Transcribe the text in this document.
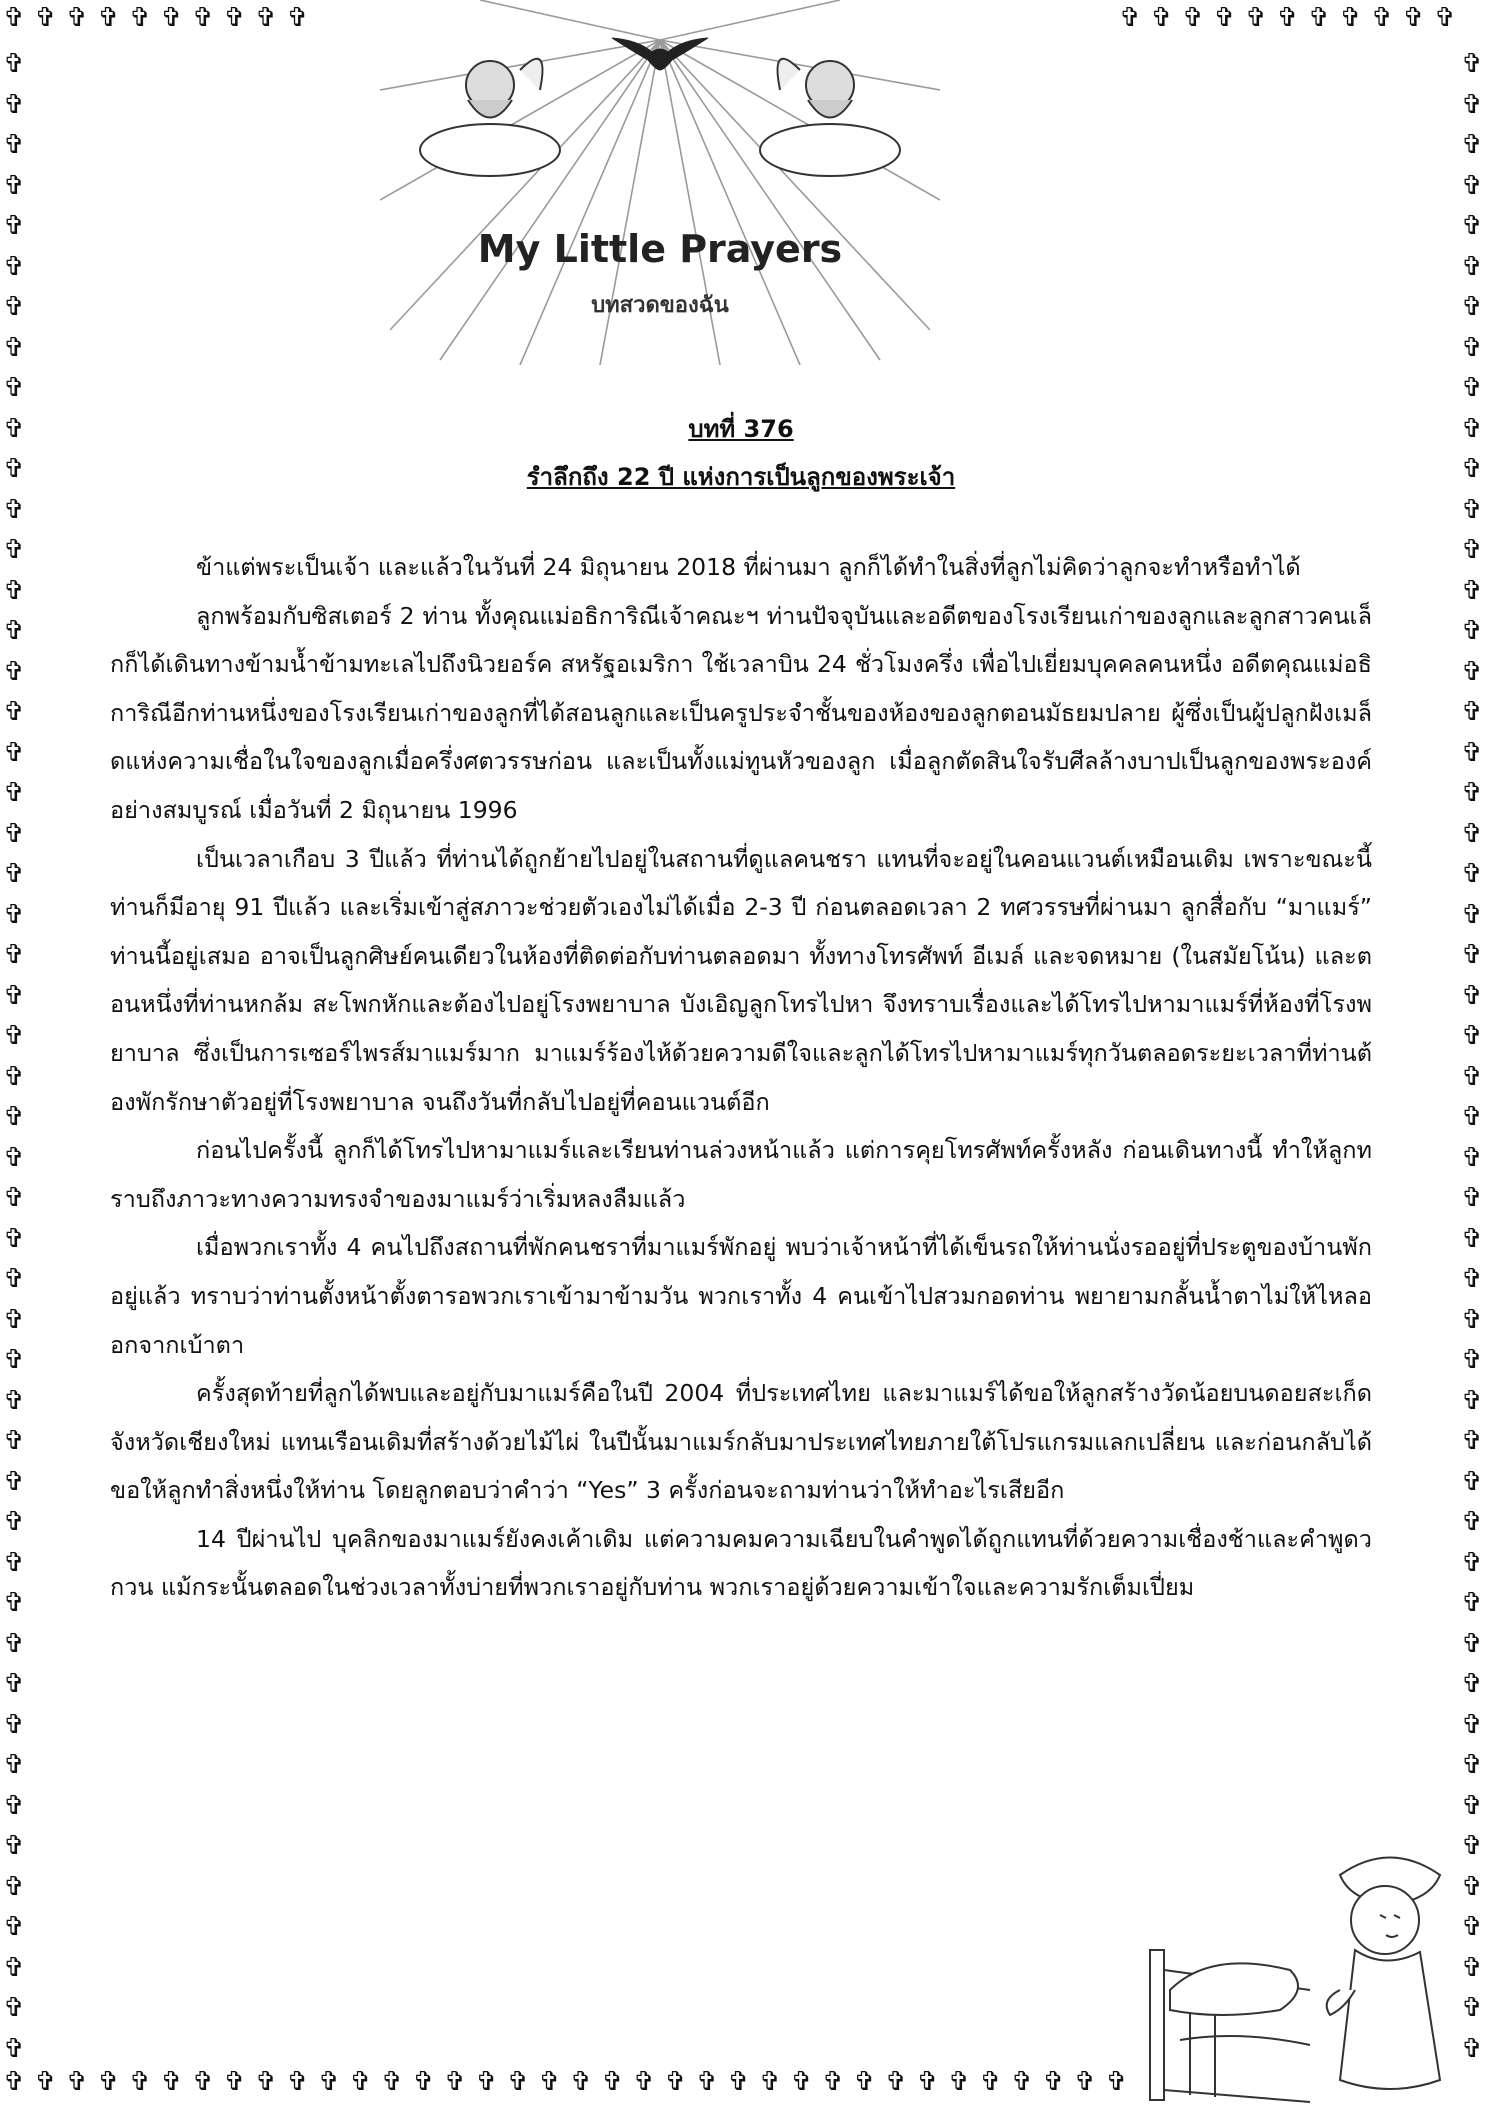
✞ ✞ ✞ ✞ ✞ ✞ ✞ ✞ ✞ ✞	✞ ✞ ✞ ✞ ✞ ✞ ✞ ✞ ✞ ✞ ✞
✞ ✞ ✞ ✞ ✞ ✞ ✞ ✞ ✞ ✞ ✞ ✞ ✞ ✞ ✞ ✞ ✞ ✞ ✞ ✞ ✞ ✞ ✞ ✞ ✞ ✞ ✞ ✞ ✞ ✞ ✞ ✞ ✞ ✞ ✞ ✞
✞	✞
✞	✞
✞	✞
✞	✞
✞	✞
✞	✞
✞	✞
✞	✞
✞	✞
✞	✞
✞	✞
✞	✞
✞	✞
✞	✞
✞	✞
✞	✞
✞	✞
✞	✞
✞	✞
✞	✞
✞	✞
✞	✞
✞	✞
✞	✞
✞	✞
✞	✞
✞	✞
✞	✞
✞	✞
✞	✞
✞	✞
✞	✞
✞	✞
✞	✞
✞	✞
✞	✞
✞	✞
✞	✞
✞	✞
✞	✞
✞	✞
✞	✞
✞	✞
✞	✞
✞	✞
✞	✞
✞	✞
✞	✞
✞	✞
✞	✞
My Little Prayers
บทสวดของฉัน

บทที่ 376

รำลึกถึง 22 ปี แห่งการเป็นลูกของพระเจ้า

ข้าแต่พระเป็นเจ้า และแล้วในวันที่ 24 มิถุนายน 2018 ที่ผ่านมา ลูกก็ได้ทำในสิ่งที่ลูกไม่คิดว่าลูกจะทำหรือทำได้

ลูกพร้อมกับซิสเตอร์ 2 ท่าน ทั้งคุณแม่อธิการิณีเจ้าคณะฯ ท่านปัจจุบันและอดีตของโรงเรียนเก่าของลูกและลูกสาวคนเล็กก็ได้เดินทางข้ามน้ำข้ามทะเลไปถึงนิวยอร์ค สหรัฐอเมริกา ใช้เวลาบิน 24 ชั่วโมงครึ่ง เพื่อไปเยี่ยมบุคคลคนหนึ่ง อดีตคุณแม่อธิการิณีอีกท่านหนึ่งของโรงเรียนเก่าของลูกที่ได้สอนลูกและเป็นครูประจำชั้นของห้องของลูกตอนมัธยมปลาย ผู้ซึ่งเป็นผู้ปลูกฝังเมล็ดแห่งความเชื่อในใจของลูกเมื่อครึ่งศตวรรษก่อน และเป็นทั้งแม่ทูนหัวของลูก เมื่อลูกตัดสินใจรับศีลล้างบาปเป็นลูกของพระองค์อย่างสมบูรณ์ เมื่อวันที่ 2 มิถุนายน 1996

เป็นเวลาเกือบ 3 ปีแล้ว ที่ท่านได้ถูกย้ายไปอยู่ในสถานที่ดูแลคนชรา แทนที่จะอยู่ในคอนแวนต์เหมือนเดิม เพราะขณะนี้ท่านก็มีอายุ 91 ปีแล้ว และเริ่มเข้าสู่สภาวะช่วยตัวเองไม่ได้เมื่อ 2-3 ปี ก่อนตลอดเวลา 2 ทศวรรษที่ผ่านมา ลูกสื่อกับ “มาแมร์” ท่านนี้อยู่เสมอ อาจเป็นลูกศิษย์คนเดียวในห้องที่ติดต่อกับท่านตลอดมา ทั้งทางโทรศัพท์ อีเมล์ และจดหมาย (ในสมัยโน้น) และตอนหนึ่งที่ท่านหกล้ม สะโพกหักและต้องไปอยู่โรงพยาบาล บังเอิญลูกโทรไปหา จึงทราบเรื่องและได้โทรไปหามาแมร์ที่ห้องที่โรงพยาบาล ซึ่งเป็นการเซอร์ไพรส์มาแมร์มาก มาแมร์ร้องไห้ด้วยความดีใจและลูกได้โทรไปหามาแมร์ทุกวันตลอดระยะเวลาที่ท่านต้องพักรักษาตัวอยู่ที่โรงพยาบาล จนถึงวันที่กลับไปอยู่ที่คอนแวนต์อีก

ก่อนไปครั้งนี้ ลูกก็ได้โทรไปหามาแมร์และเรียนท่านล่วงหน้าแล้ว แต่การคุยโทรศัพท์ครั้งหลัง ก่อนเดินทางนี้ ทำให้ลูกทราบถึงภาวะทางความทรงจำของมาแมร์ว่าเริ่มหลงลืมแล้ว

เมื่อพวกเราทั้ง 4 คนไปถึงสถานที่พักคนชราที่มาแมร์พักอยู่ พบว่าเจ้าหน้าที่ได้เข็นรถให้ท่านนั่งรออยู่ที่ประตูของบ้านพักอยู่แล้ว ทราบว่าท่านตั้งหน้าตั้งตารอพวกเราเข้ามาข้ามวัน พวกเราทั้ง 4 คนเข้าไปสวมกอดท่าน พยายามกลั้นน้ำตาไม่ให้ไหลออกจากเบ้าตา

ครั้งสุดท้ายที่ลูกได้พบและอยู่กับมาแมร์คือในปี 2004 ที่ประเทศไทย และมาแมร์ได้ขอให้ลูกสร้างวัดน้อยบนดอยสะเก็ด จังหวัดเชียงใหม่ แทนเรือนเดิมที่สร้างด้วยไม้ไผ่ ในปีนั้นมาแมร์กลับมาประเทศไทยภายใต้โปรแกรมแลกเปลี่ยน และก่อนกลับได้ขอให้ลูกทำสิ่งหนึ่งให้ท่าน โดยลูกตอบว่าคำว่า “Yes” 3 ครั้งก่อนจะถามท่านว่าให้ทำอะไรเสียอีก

14 ปีผ่านไป บุคลิกของมาแมร์ยังคงเค้าเดิม แต่ความคมความเฉียบในคำพูดได้ถูกแทนที่ด้วยความเชื่องช้าและคำพูดวกวน แม้กระนั้นตลอดในช่วงเวลาทั้งบ่ายที่พวกเราอยู่กับท่าน พวกเราอยู่ด้วยความเข้าใจและความรักเต็มเปี่ยม
